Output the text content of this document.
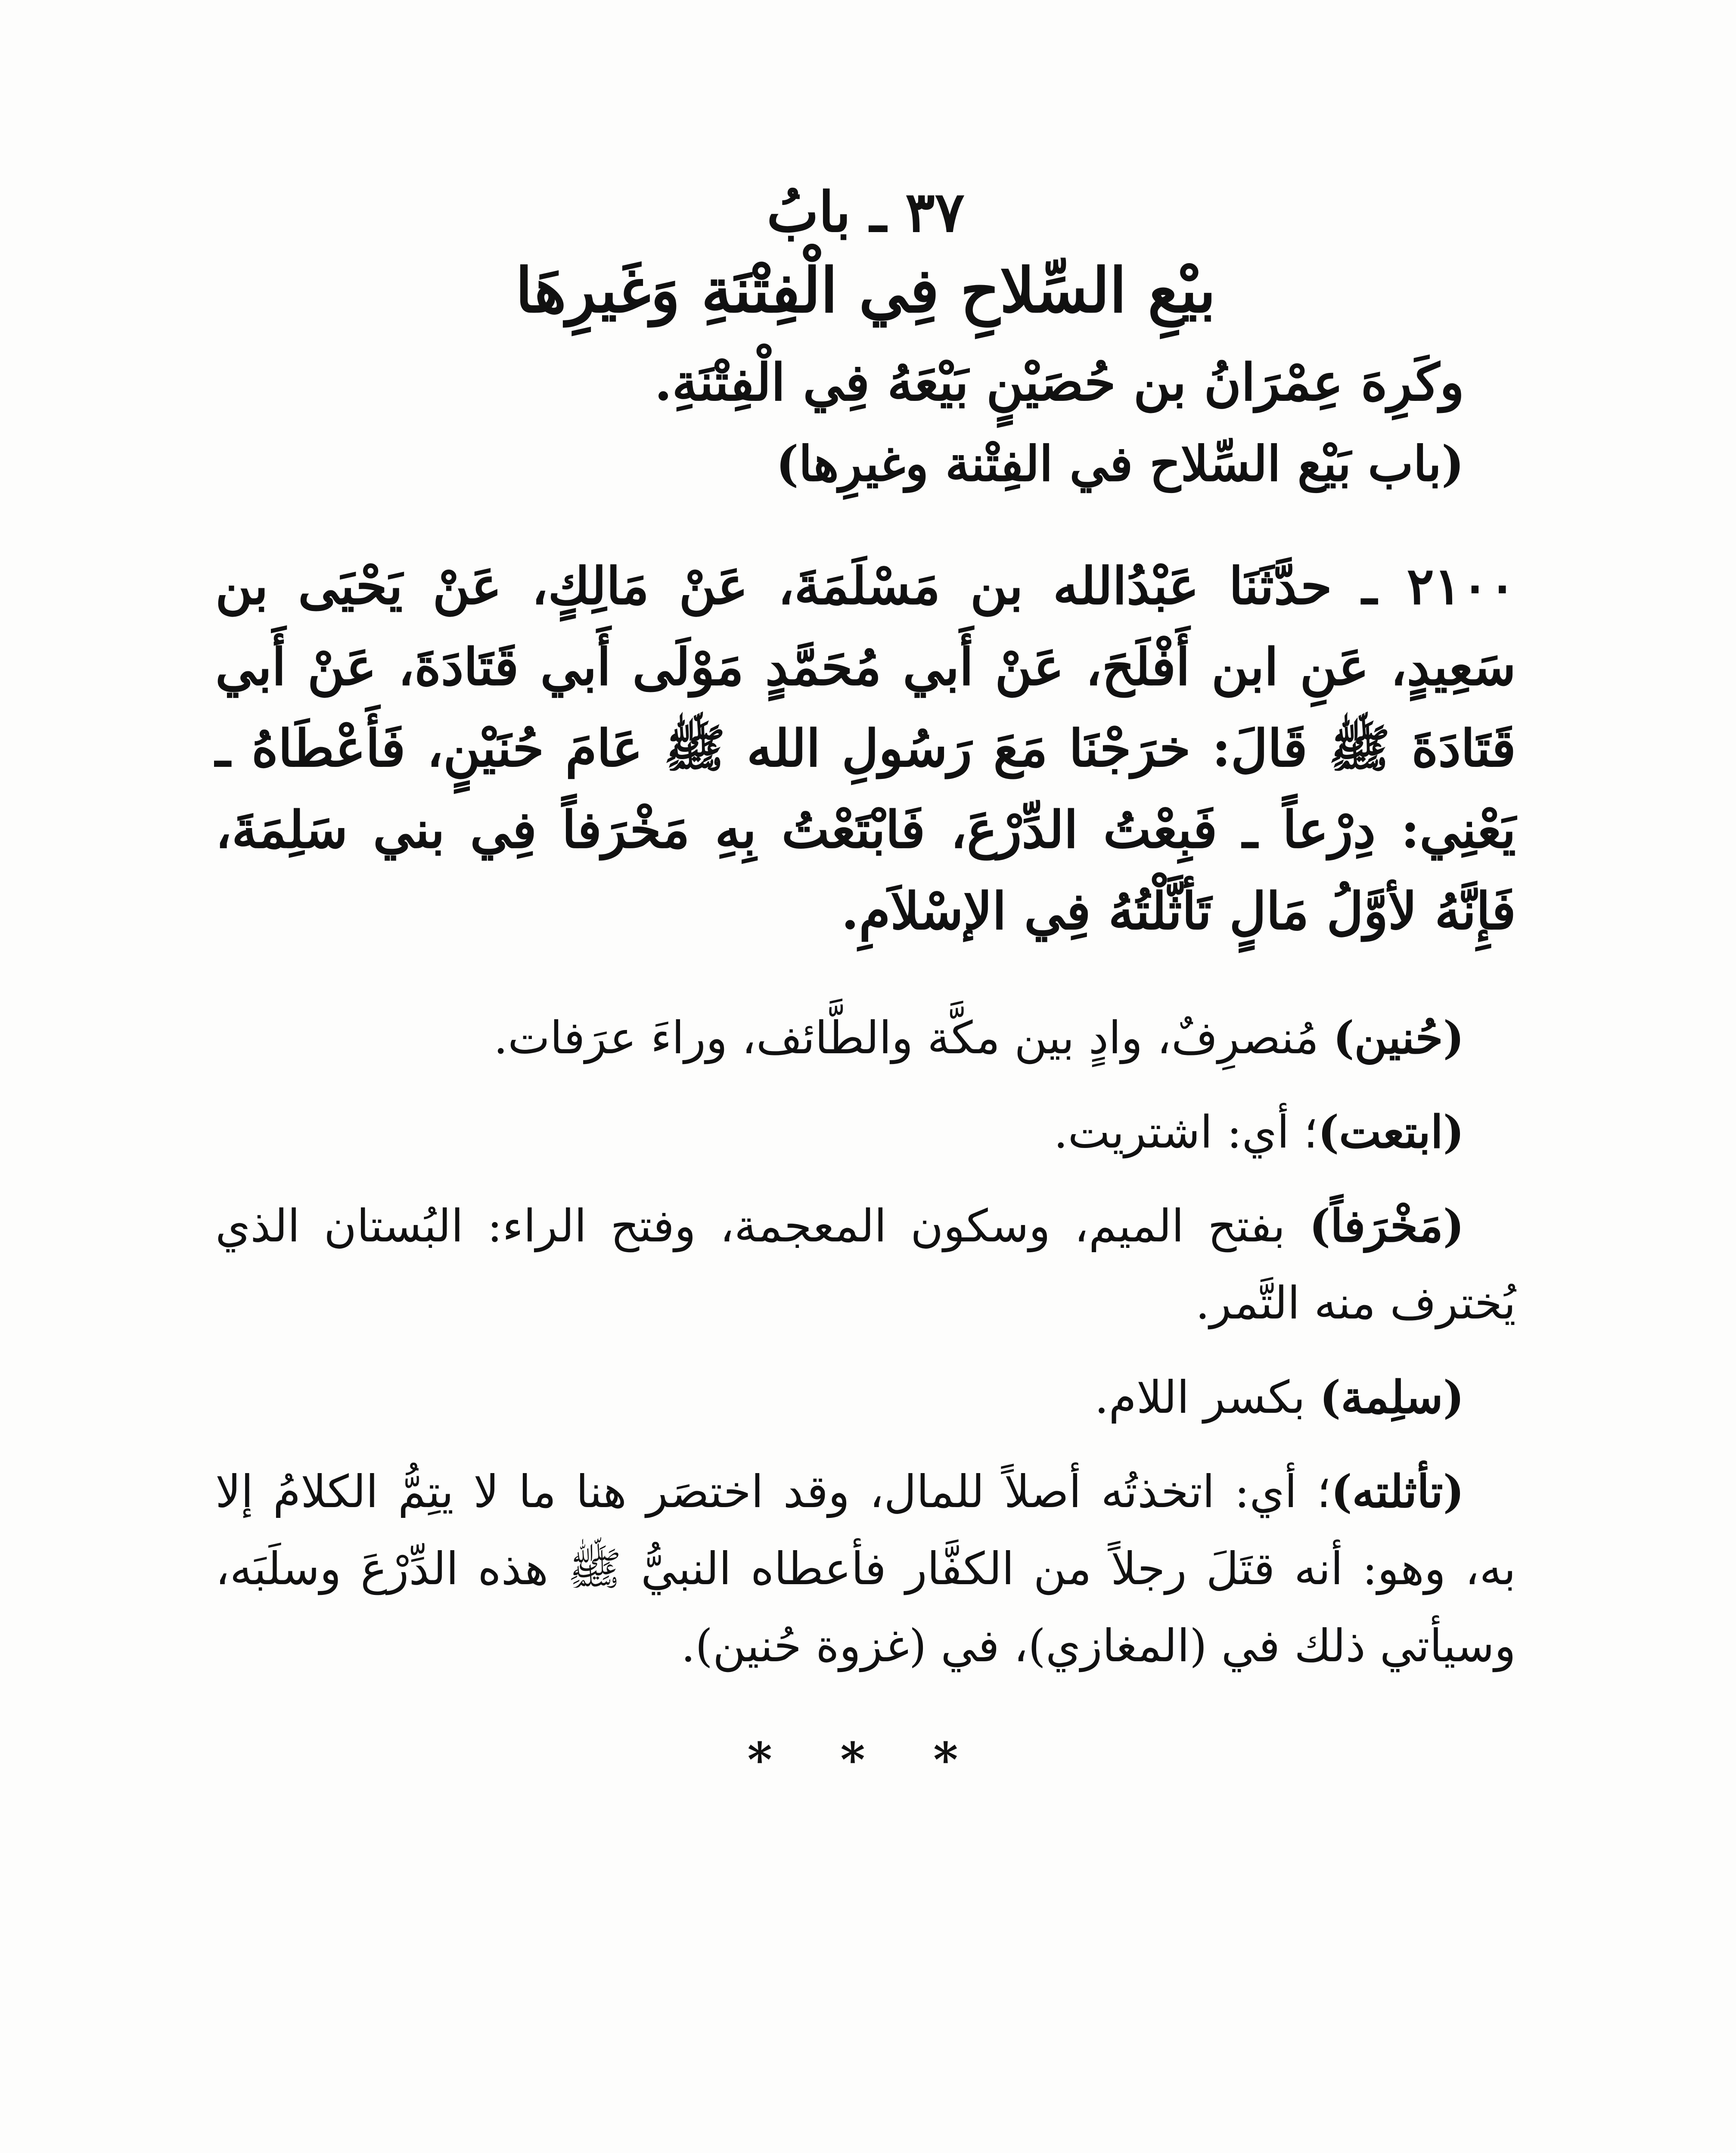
٣٧ ـ بابُ
بيْعِ السِّلاحِ فِي الْفِتْنَةِ وَغَيرِهَا
وكَرِهَ عِمْرَانُ بن حُصَيْنٍ بَيْعَهُ فِي الْفِتْنَةِ.
(باب بَيْع السِّلاح في الفِتْنة وغيرِها)
٢١٠٠ ـ حدَّثَنَا عَبْدُالله بن مَسْلَمَةَ، عَنْ مَالِكٍ، عَنْ يَحْيَى بن سَعِيدٍ، عَنِ ابن أَفْلَحَ، عَنْ أَبي مُحَمَّدٍ مَوْلَى أَبي قَتَادَةَ، عَنْ أَبي قَتَادَةَ ﷺ قَالَ: خرَجْنَا مَعَ رَسُولِ الله ﷺ عَامَ حُنَيْنٍ، فَأَعْطَاهُ ـ يَعْنِي: دِرْعاً ـ فَبِعْتُ الدِّرْعَ، فَابْتَعْتُ بِهِ مَخْرَفاً فِي بني سَلِمَةَ، فَإِنَّهُ لأوَّلُ مَالٍ تَأثَّلْتُهُ فِي الإسْلاَمِ.

(حُنين) مُنصرِفٌ، وادٍ بين مكَّة والطَّائف، وراءَ عرَفات.

(ابتعت)؛ أي: اشتريت.

(مَخْرَفاً) بفتح الميم، وسكون المعجمة، وفتح الراء: البُستان الذي يُخترف منه التَّمر.

(سلِمة) بكسر اللام.

(تأثلته)؛ أي: اتخذتُه أصلاً للمال، وقد اختصَر هنا ما لا يتِمُّ الكلامُ إلا به، وهو: أنه قتَلَ رجلاً من الكفَّار فأعطاه النبيُّ ﷺ هذه الدِّرْعَ وسلَبَه، وسيأتي ذلك في (المغازي)، في (غزوة حُنين).

* * *
